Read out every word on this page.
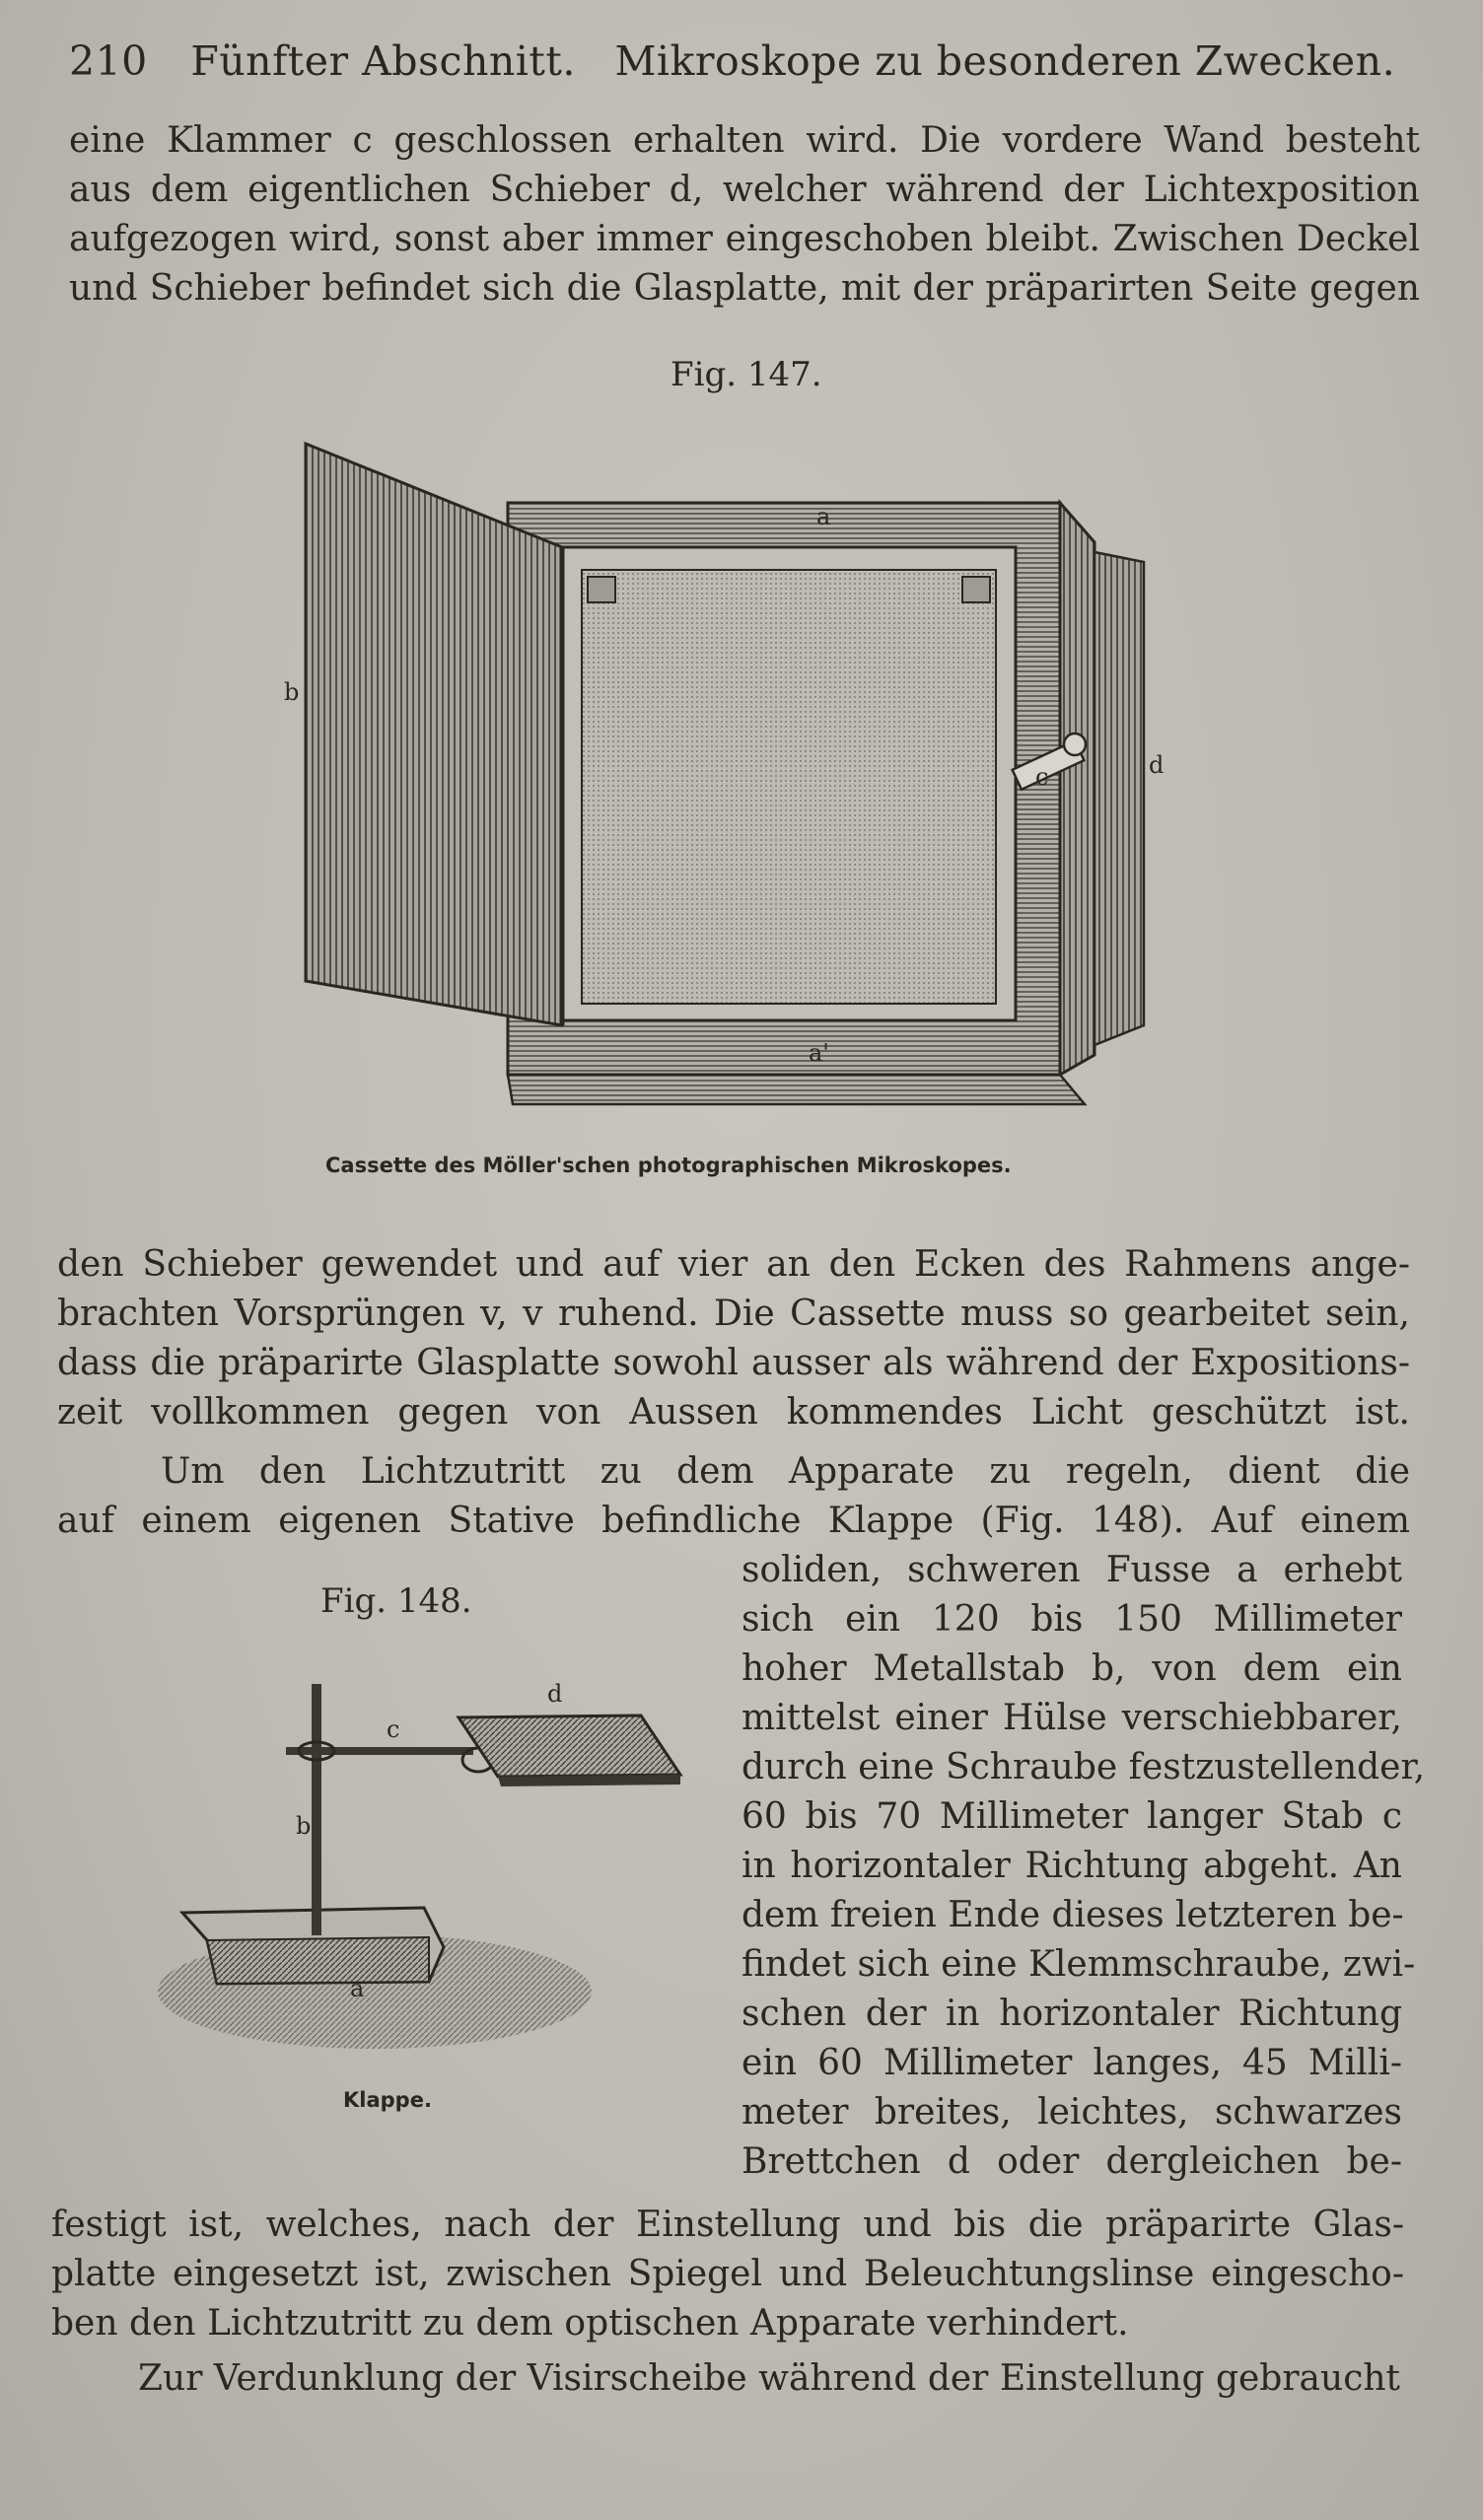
210 Fünfter Abschnitt. Mikroskope zu besonderen Zwecken.
eine Klammer c geschlossen erhalten wird. Die vordere Wand besteht
aus dem eigentlichen Schieber d, welcher während der Lichtexposition
aufgezogen wird, sonst aber immer eingeschoben bleibt. Zwischen Deckel
und Schieber befindet sich die Glasplatte, mit der präparirten Seite gegen
Fig. 147.
a
a'
b
c	d
Cassette des Möller'schen photographischen Mikroskopes.
den Schieber gewendet und auf vier an den Ecken des Rahmens ange-
brachten Vorsprüngen v, v ruhend. Die Cassette muss so gearbeitet sein,
dass die präparirte Glasplatte sowohl ausser als während der Expositions-
zeit vollkommen gegen von Aussen kommendes Licht geschützt ist.
Um den Lichtzutritt zu dem Apparate zu regeln, dient die
auf einem eigenen Stative befindliche Klappe (Fig. 148). Auf einem
Fig. 148.
a
b
c
d
Klappe.
soliden, schweren Fusse a erhebt
sich ein 120 bis 150 Millimeter
hoher Metallstab b, von dem ein
mittelst einer Hülse verschiebbarer,
durch eine Schraube festzustellender,
60 bis 70 Millimeter langer Stab c
in horizontaler Richtung abgeht. An
dem freien Ende dieses letzteren be-
findet sich eine Klemmschraube, zwi-
schen der in horizontaler Richtung
ein 60 Millimeter langes, 45 Milli-
meter breites, leichtes, schwarzes
Brettchen d oder dergleichen be-
festigt ist, welches, nach der Einstellung und bis die präparirte Glas-
platte eingesetzt ist, zwischen Spiegel und Beleuchtungslinse eingescho-
ben den Lichtzutritt zu dem optischen Apparate verhindert.
Zur Verdunklung der Visirscheibe während der Einstellung gebraucht
